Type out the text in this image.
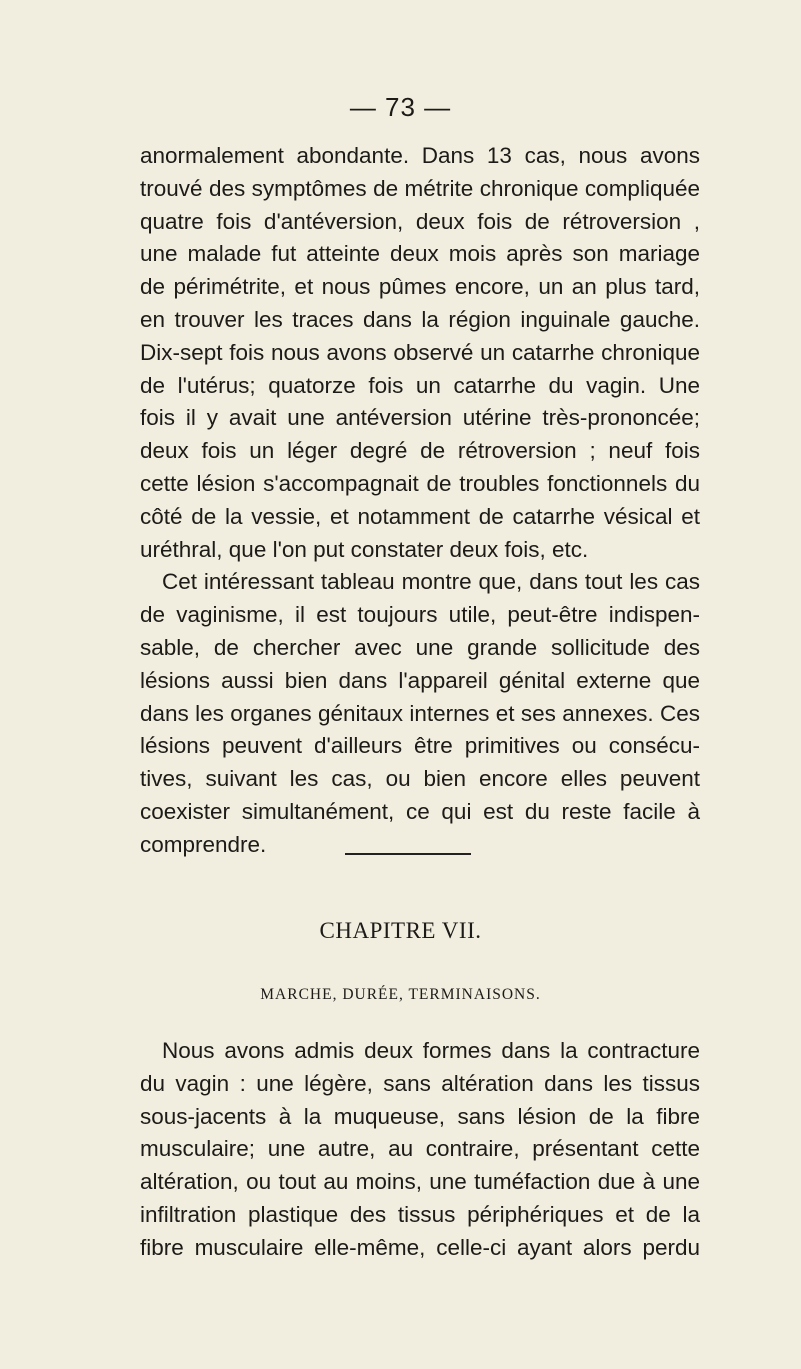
— 73 —
anormalement abondante. Dans 13 cas, nous avons
trouvé des symptômes de métrite chronique compliquée
quatre fois d'antéversion, deux fois de rétroversion ,
une malade fut atteinte deux mois après son mariage
de périmétrite, et nous pûmes encore, un an plus tard,
en trouver les traces dans la région inguinale gauche.
Dix-sept fois nous avons observé un catarrhe chronique
de l'utérus; quatorze fois un catarrhe du vagin. Une
fois il y avait une antéversion utérine très-prononcée;
deux fois un léger degré de rétroversion ; neuf fois
cette lésion s'accompagnait de troubles fonctionnels du
côté de la vessie, et notamment de catarrhe vésical et
uréthral, que l'on put constater deux fois, etc.
Cet intéressant tableau montre que, dans tout les cas
de vaginisme, il est toujours utile, peut-être indispen-
sable, de chercher avec une grande sollicitude des
lésions aussi bien dans l'appareil génital externe que
dans les organes génitaux internes et ses annexes. Ces
lésions peuvent d'ailleurs être primitives ou consécu-
tives, suivant les cas, ou bien encore elles peuvent
coexister simultanément, ce qui est du reste facile à
comprendre.
CHAPITRE VII.
MARCHE, DURÉE, TERMINAISONS.
Nous avons admis deux formes dans la contracture
du vagin : une légère, sans altération dans les tissus
sous-jacents à la muqueuse, sans lésion de la fibre
musculaire; une autre, au contraire, présentant cette
altération, ou tout au moins, une tuméfaction due à une
infiltration plastique des tissus périphériques et de la
fibre musculaire elle-même, celle-ci ayant alors perdu
